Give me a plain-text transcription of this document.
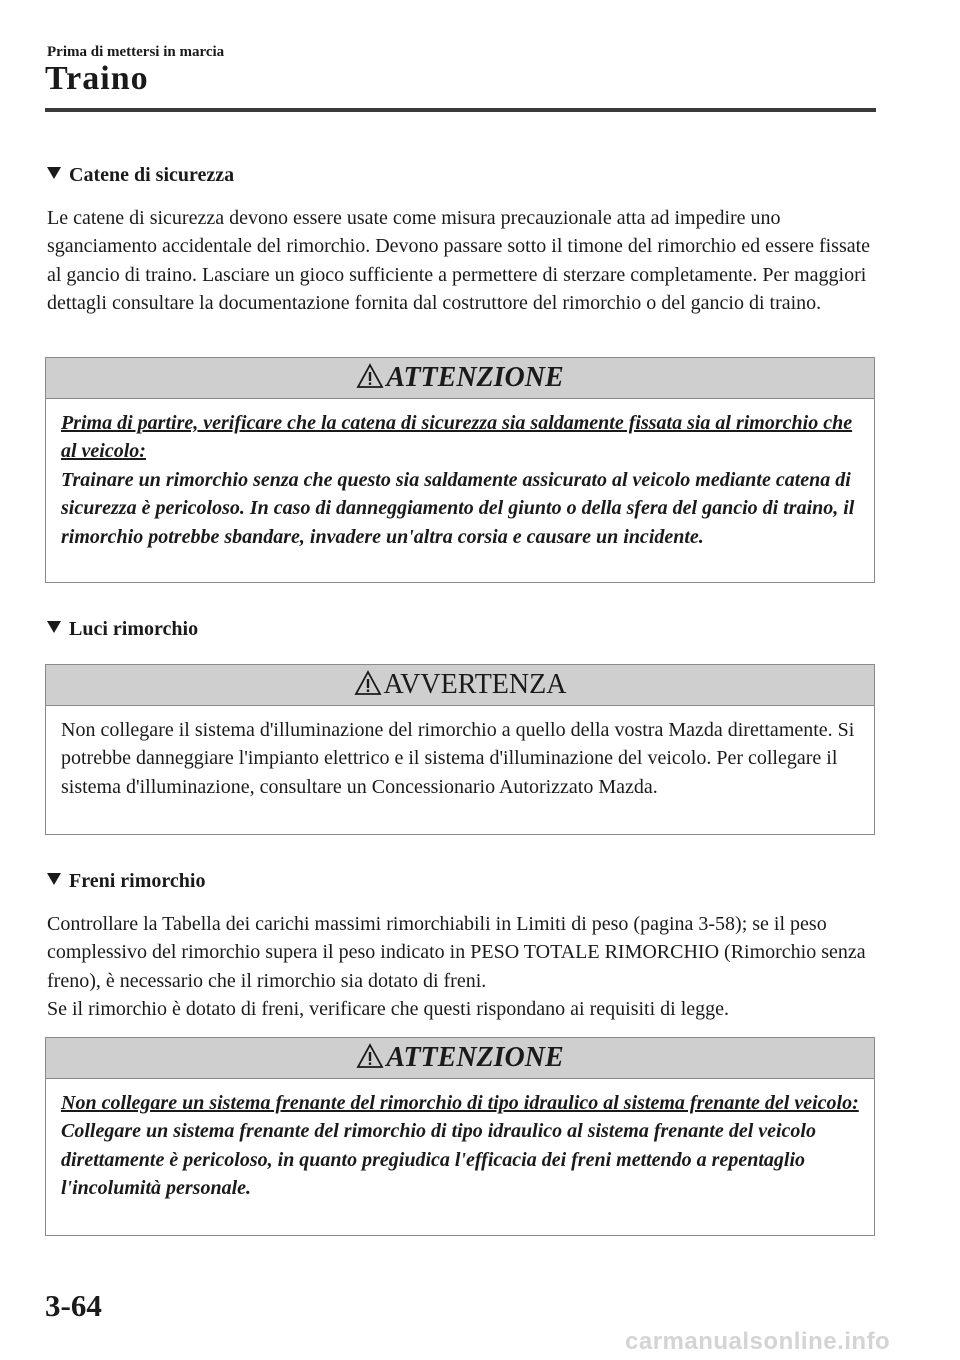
Prima di mettersi in marcia
Traino
Catene di sicurezza
Le catene di sicurezza devono essere usate come misura precauzionale atta ad impedire uno sganciamento accidentale del rimorchio. Devono passare sotto il timone del rimorchio ed essere fissate al gancio di traino. Lasciare un gioco sufficiente a permettere di sterzare completamente. Per maggiori dettagli consultare la documentazione fornita dal costruttore del rimorchio o del gancio di traino.
ATTENZIONE
Prima di partire, verificare che la catena di sicurezza sia saldamente fissata sia al rimorchio che al veicolo:
Trainare un rimorchio senza che questo sia saldamente assicurato al veicolo mediante catena di sicurezza è pericoloso. In caso di danneggiamento del giunto o della sfera del gancio di traino, il rimorchio potrebbe sbandare, invadere un'altra corsia e causare un incidente.
Luci rimorchio
AVVERTENZA
Non collegare il sistema d'illuminazione del rimorchio a quello della vostra Mazda direttamente. Si potrebbe danneggiare l'impianto elettrico e il sistema d'illuminazione del veicolo. Per collegare il sistema d'illuminazione, consultare un Concessionario Autorizzato Mazda.
Freni rimorchio
Controllare la Tabella dei carichi massimi rimorchiabili in Limiti di peso (pagina 3-58); se il peso complessivo del rimorchio supera il peso indicato in PESO TOTALE RIMORCHIO (Rimorchio senza freno), è necessario che il rimorchio sia dotato di freni.
Se il rimorchio è dotato di freni, verificare che questi rispondano ai requisiti di legge.
ATTENZIONE
Non collegare un sistema frenante del rimorchio di tipo idraulico al sistema frenante del veicolo:
Collegare un sistema frenante del rimorchio di tipo idraulico al sistema frenante del veicolo direttamente è pericoloso, in quanto pregiudica l'efficacia dei freni mettendo a repentaglio l'incolumità personale.
3-64
carmanualsonline.info
